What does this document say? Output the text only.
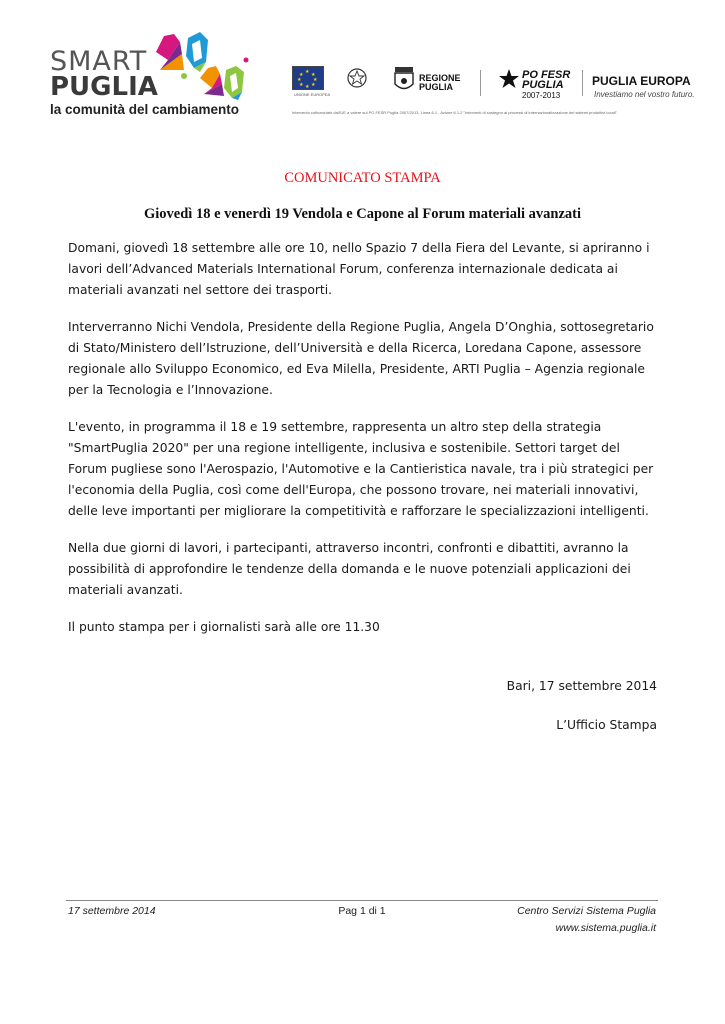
SMART
PUGLIA
la comunità del cambiamento
★
★ ★
★ ★
★ ★
★
UNIONE EUROPEA
REGIONE
PUGLIA
PO FESR
PUGLIA
2007-2013
PUGLIA EUROPA
Investiamo nel vostro futuro.
Intervento cofinanziato dall'UE a valere sul PO FESR Puglia 2007/2013, Linea 6.1., Azione 6.1.2 "Interventi di sostegno ai processi di internazionalizzazione dei sistemi produttivi locali"
COMUNICATO STAMPA
Giovedì 18 e venerdì 19 Vendola e Capone al Forum materiali avanzati

Domani, giovedì 18 settembre alle ore 10, nello Spazio 7 della Fiera del Levante, si apriranno i lavori dell’Advanced Materials International Forum, conferenza internazionale dedicata ai materiali avanzati nel settore dei trasporti.

Interverranno Nichi Vendola, Presidente della Regione Puglia, Angela D’Onghia, sottosegretario di Stato/Ministero dell’Istruzione, dell’Università e della Ricerca, Loredana Capone, assessore regionale allo Sviluppo Economico, ed Eva Milella, Presidente, ARTI Puglia – Agenzia regionale per la Tecnologia e l’Innovazione.

L'evento, in programma il 18 e 19 settembre, rappresenta un altro step della strategia "SmartPuglia 2020" per una regione intelligente, inclusiva e sostenibile. Settori target del Forum pugliese sono l'Aerospazio, l'Automotive e la Cantieristica navale, tra i più strategici per l'economia della Puglia, così come dell'Europa, che possono trovare, nei materiali innovativi, delle leve importanti per migliorare la competitività e rafforzare le specializzazioni intelligenti.

Nella due giorni di lavori, i partecipanti, attraverso incontri, confronti e dibattiti, avranno la possibilità di approfondire le tendenze della domanda e le nuove potenziali applicazioni dei materiali avanzati.

Il punto stampa per i giornalisti sarà alle ore 11.30

Bari, 17 settembre 2014
L’Ufficio Stampa
17 settembre 2014	Pag 1 di 1	Centro Servizi Sistema Puglia
www.sistema.puglia.it
